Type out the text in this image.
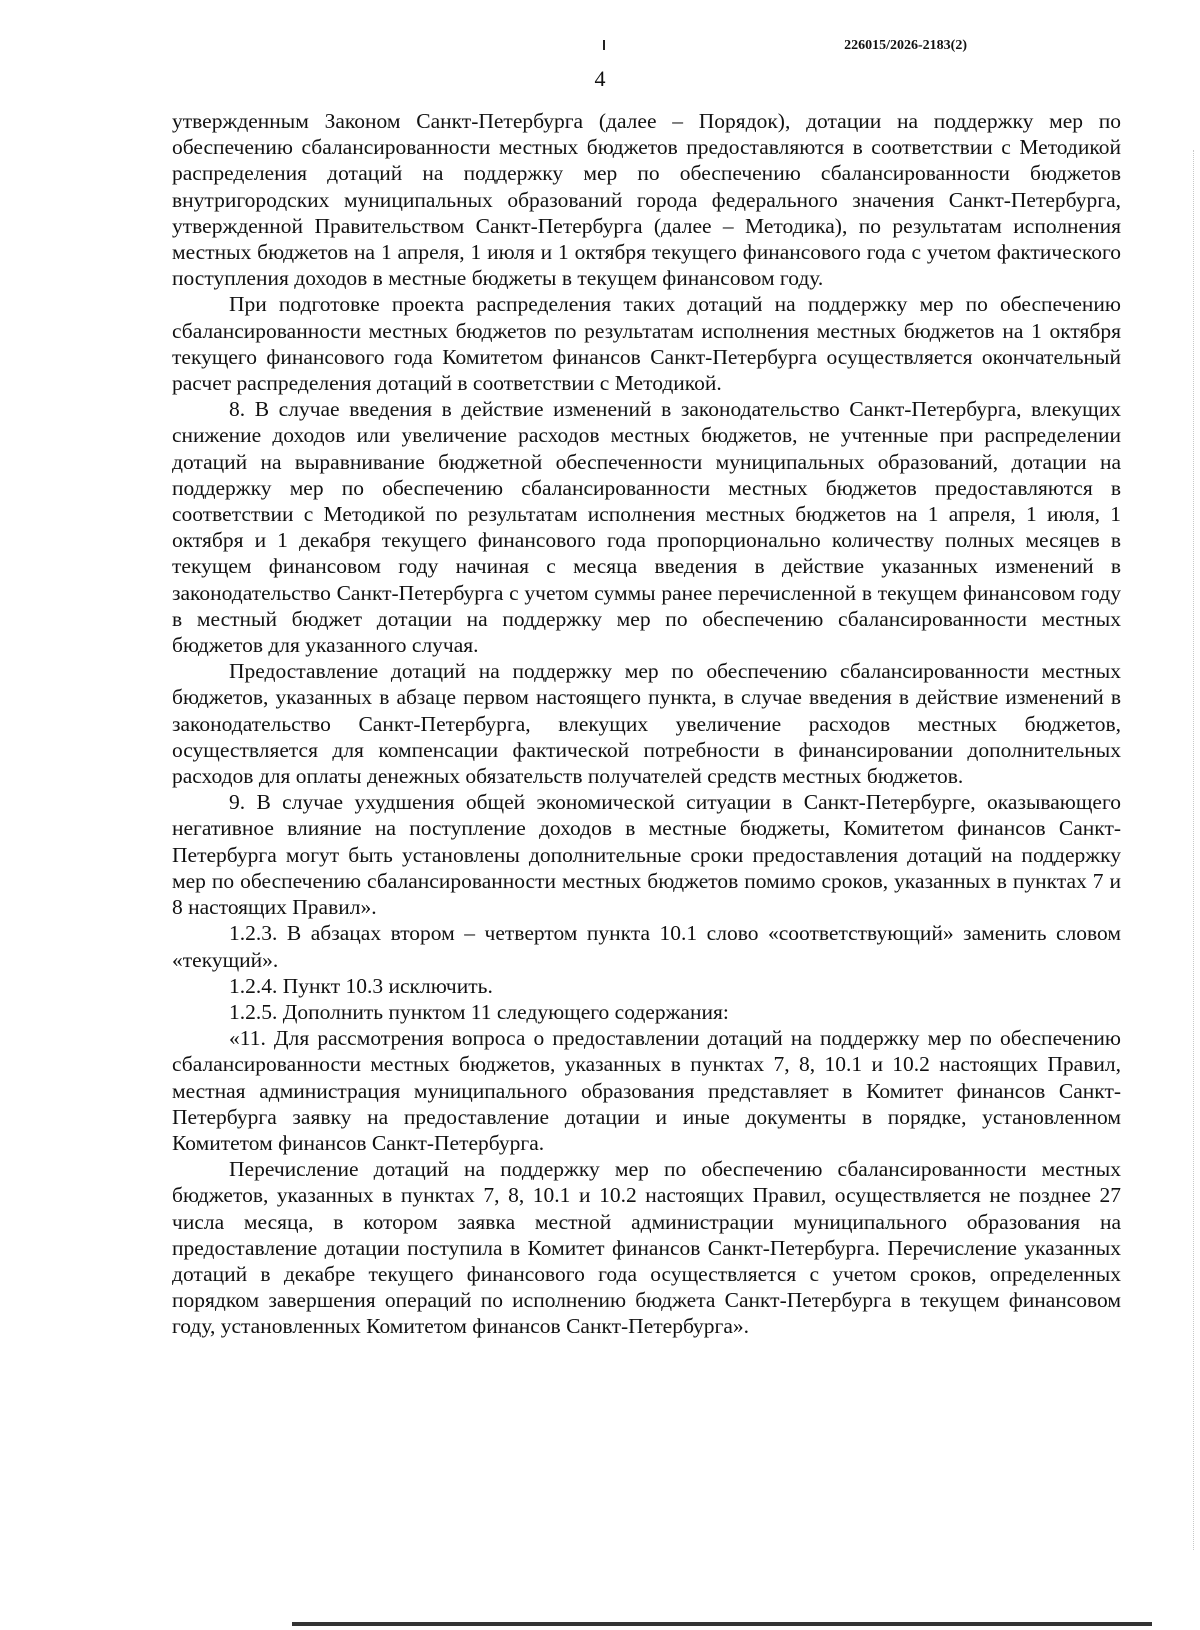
226015/2026-2183(2)
4

утвержденным Законом Санкт-Петербурга (далее – Порядок), дотации на поддержку мер по обеспечению сбалансированности местных бюджетов предоставляются в соответствии с Методикой распределения дотаций на поддержку мер по обеспечению сбалансированности бюджетов внутригородских муниципальных образований города федерального значения Санкт-Петербурга, утвержденной Правительством Санкт-Петербурга (далее – Методика), по результатам исполнения местных бюджетов на 1 апреля, 1 июля и 1 октября текущего финансового года с учетом фактического поступления доходов в местные бюджеты в текущем финансовом году.

При подготовке проекта распределения таких дотаций на поддержку мер по обеспечению сбалансированности местных бюджетов по результатам исполнения местных бюджетов на 1 октября текущего финансового года Комитетом финансов Санкт-Петербурга осуществляется окончательный расчет распределения дотаций в соответствии с Методикой.

8. В случае введения в действие изменений в законодательство Санкт-Петербурга, влекущих снижение доходов или увеличение расходов местных бюджетов, не учтенные при распределении дотаций на выравнивание бюджетной обеспеченности муниципальных образований, дотации на поддержку мер по обеспечению сбалансированности местных бюджетов предоставляются в соответствии с Методикой по результатам исполнения местных бюджетов на 1 апреля, 1 июля, 1 октября и 1 декабря текущего финансового года пропорционально количеству полных месяцев в текущем финансовом году начиная с месяца введения в действие указанных изменений в законодательство Санкт-Петербурга с учетом суммы ранее перечисленной в текущем финансовом году в местный бюджет дотации на поддержку мер по обеспечению сбалансированности местных бюджетов для указанного случая.

Предоставление дотаций на поддержку мер по обеспечению сбалансированности местных бюджетов, указанных в абзаце первом настоящего пункта, в случае введения в действие изменений в законодательство Санкт-Петербурга, влекущих увеличение расходов местных бюджетов, осуществляется для компенсации фактической потребности в финансировании дополнительных расходов для оплаты денежных обязательств получателей средств местных бюджетов.

9. В случае ухудшения общей экономической ситуации в Санкт-Петербурге, оказывающего негативное влияние на поступление доходов в местные бюджеты, Комитетом финансов Санкт-Петербурга могут быть установлены дополнительные сроки предоставления дотаций на поддержку мер по обеспечению сбалансированности местных бюджетов помимо сроков, указанных в пунктах 7 и 8 настоящих Правил».

1.2.3. В абзацах втором – четвертом пункта 10.1 слово «соответствующий» заменить словом «текущий».

1.2.4. Пункт 10.3 исключить.

1.2.5. Дополнить пунктом 11 следующего содержания:

«11. Для рассмотрения вопроса о предоставлении дотаций на поддержку мер по обеспечению сбалансированности местных бюджетов, указанных в пунктах 7, 8, 10.1 и 10.2 настоящих Правил, местная администрация муниципального образования представляет в Комитет финансов Санкт-Петербурга заявку на предоставление дотации и иные документы в порядке, установленном Комитетом финансов Санкт-Петербурга.

Перечисление дотаций на поддержку мер по обеспечению сбалансированности местных бюджетов, указанных в пунктах 7, 8, 10.1 и 10.2 настоящих Правил, осуществляется не позднее 27 числа месяца, в котором заявка местной администрации муниципального образования на предоставление дотации поступила в Комитет финансов Санкт-Петербурга. Перечисление указанных дотаций в декабре текущего финансового года осуществляется с учетом сроков, определенных порядком завершения операций по исполнению бюджета Санкт-Петербурга в текущем финансовом году, установленных Комитетом финансов Санкт-Петербурга».
